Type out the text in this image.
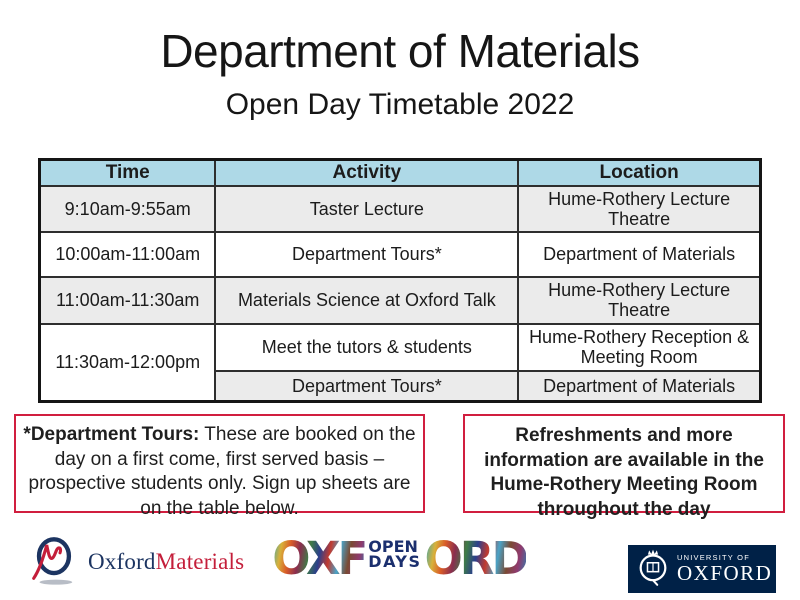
Department of Materials
Open Day Timetable 2022
Time	Activity	Location
9:10am-9:55am	Taster Lecture	Hume-Rothery Lecture Theatre
10:00am-11:00am	Department Tours*	Department of Materials
11:00am-11:30am	Materials Science at Oxford Talk	Hume-Rothery Lecture Theatre
11:30am-12:00pm	Meet the tutors & students	Hume-Rothery Reception & Meeting Room
	Department Tours*	Department of Materials
*Department Tours: These are booked on the day on a first come, first served basis – prospective students only. Sign up sheets are on the table below.
Refreshments and more information are available in the Hume-Rothery Meeting Room throughout the day
OxfordMaterials OXF OPEN
DAYS ORD	UNIVERSITY OF
OXFORD
